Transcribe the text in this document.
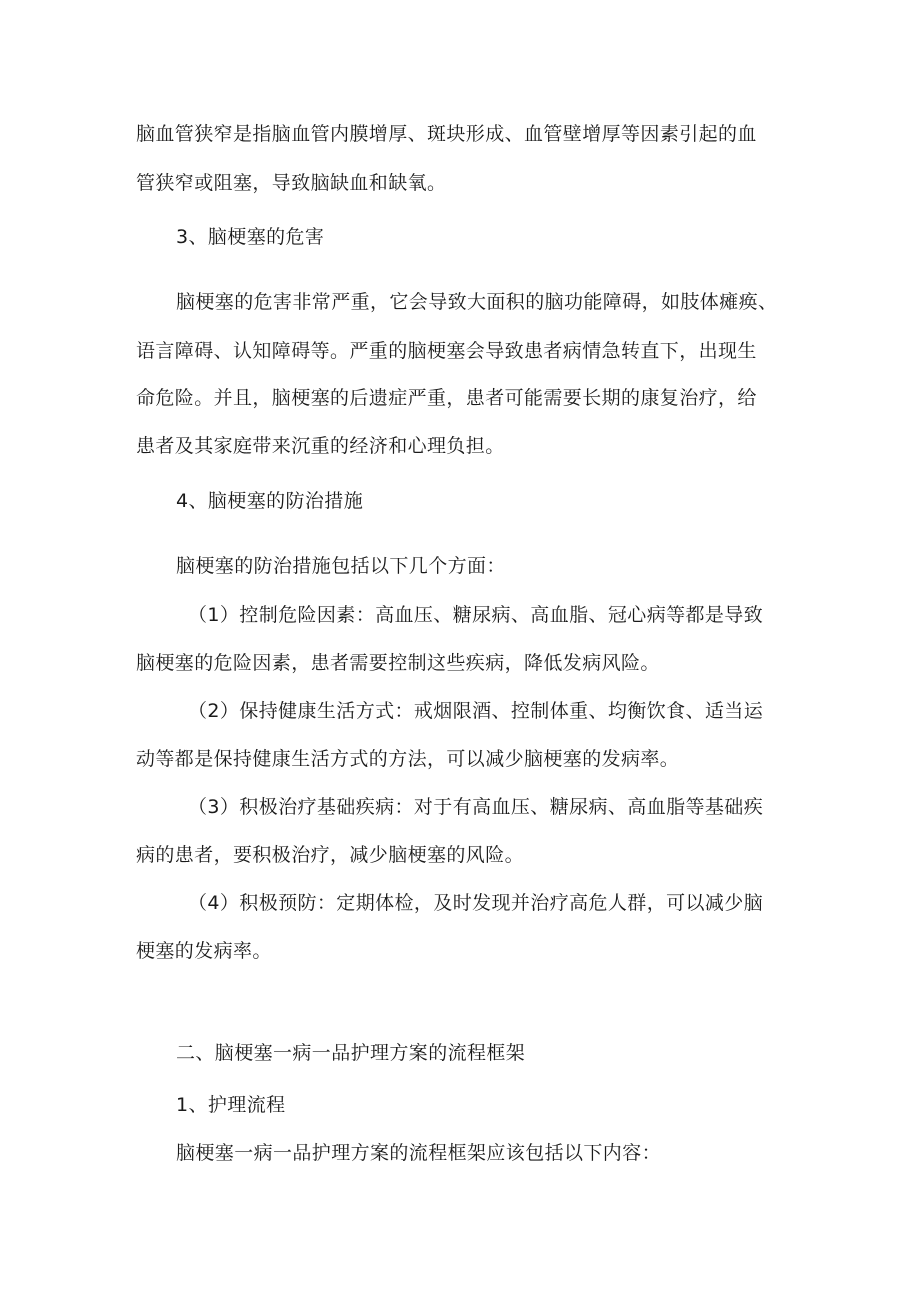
脑血管狭窄是指脑血管内膜增厚、斑块形成、血管壁增厚等因素引起的血
管狭窄或阻塞，导致脑缺血和缺氧。
3、脑梗塞的危害
脑梗塞的危害非常严重，它会导致大面积的脑功能障碍，如肢体瘫痪、
语言障碍、认知障碍等。严重的脑梗塞会导致患者病情急转直下，出现生
命危险。并且，脑梗塞的后遗症严重，患者可能需要长期的康复治疗，给
患者及其家庭带来沉重的经济和心理负担。
4、脑梗塞的防治措施
脑梗塞的防治措施包括以下几个方面：
（1）控制危险因素：高血压、糖尿病、高血脂、冠心病等都是导致
脑梗塞的危险因素，患者需要控制这些疾病，降低发病风险。
（2）保持健康生活方式：戒烟限酒、控制体重、均衡饮食、适当运
动等都是保持健康生活方式的方法，可以减少脑梗塞的发病率。
（3）积极治疗基础疾病：对于有高血压、糖尿病、高血脂等基础疾
病的患者，要积极治疗，减少脑梗塞的风险。
（4）积极预防：定期体检，及时发现并治疗高危人群，可以减少脑
梗塞的发病率。
二、脑梗塞一病一品护理方案的流程框架
1、护理流程
脑梗塞一病一品护理方案的流程框架应该包括以下内容：
